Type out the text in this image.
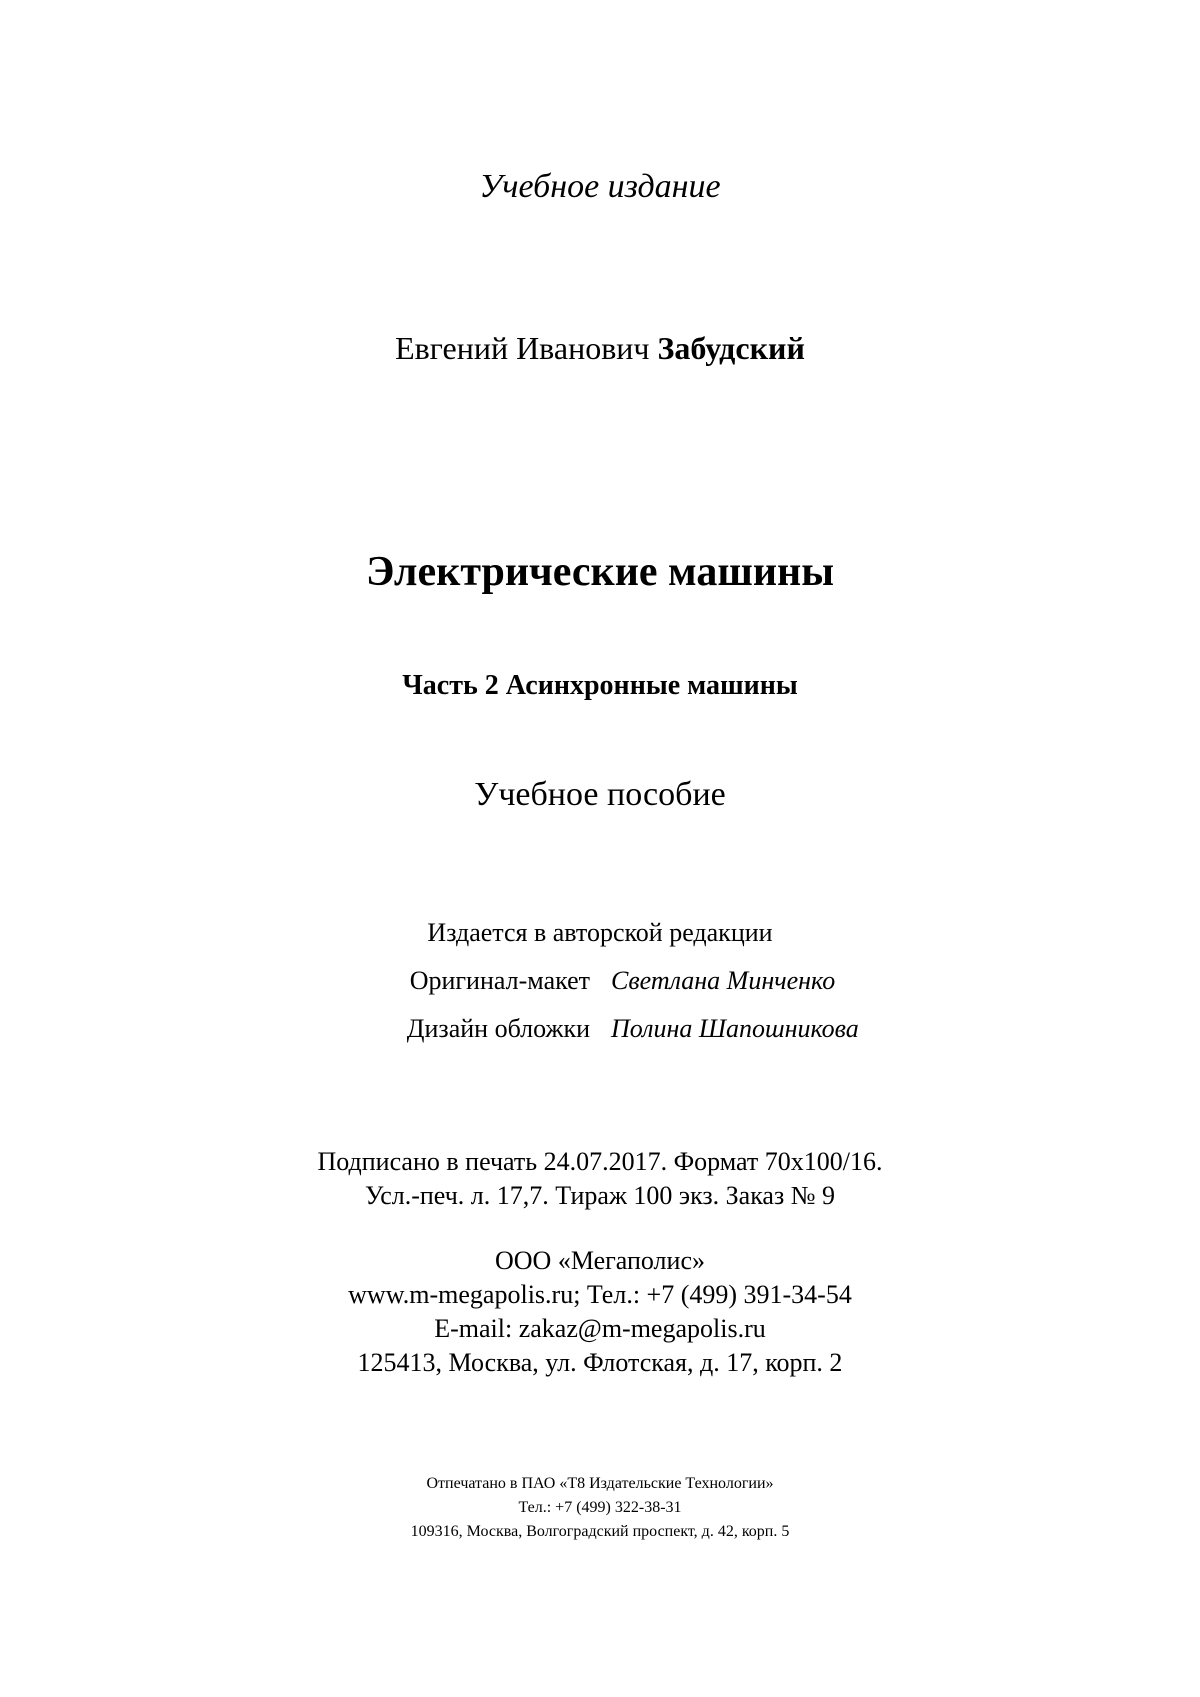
Учебное издание
Евгений Иванович Забудский
Электрические машины
Часть 2 Асинхронные машины
Учебное пособие
Издается в авторской редакции
Оригинал-макет Светлана Минченко
Дизайн обложки Полина Шапошникова
Подписано в печать 24.07.2017. Формат 70х100/16.
Усл.-печ. л. 17,7. Тираж 100 экз. Заказ № 9
ООО «Мегаполис»
www.m-megapolis.ru; Тел.: +7 (499) 391-34-54
E-mail: zakaz@m-megapolis.ru
125413, Москва, ул. Флотская, д. 17, корп. 2
Отпечатано в ПАО «Т8 Издательские Технологии»
Тел.: +7 (499) 322-38-31
109316, Москва, Волгоградский проспект, д. 42, корп. 5
